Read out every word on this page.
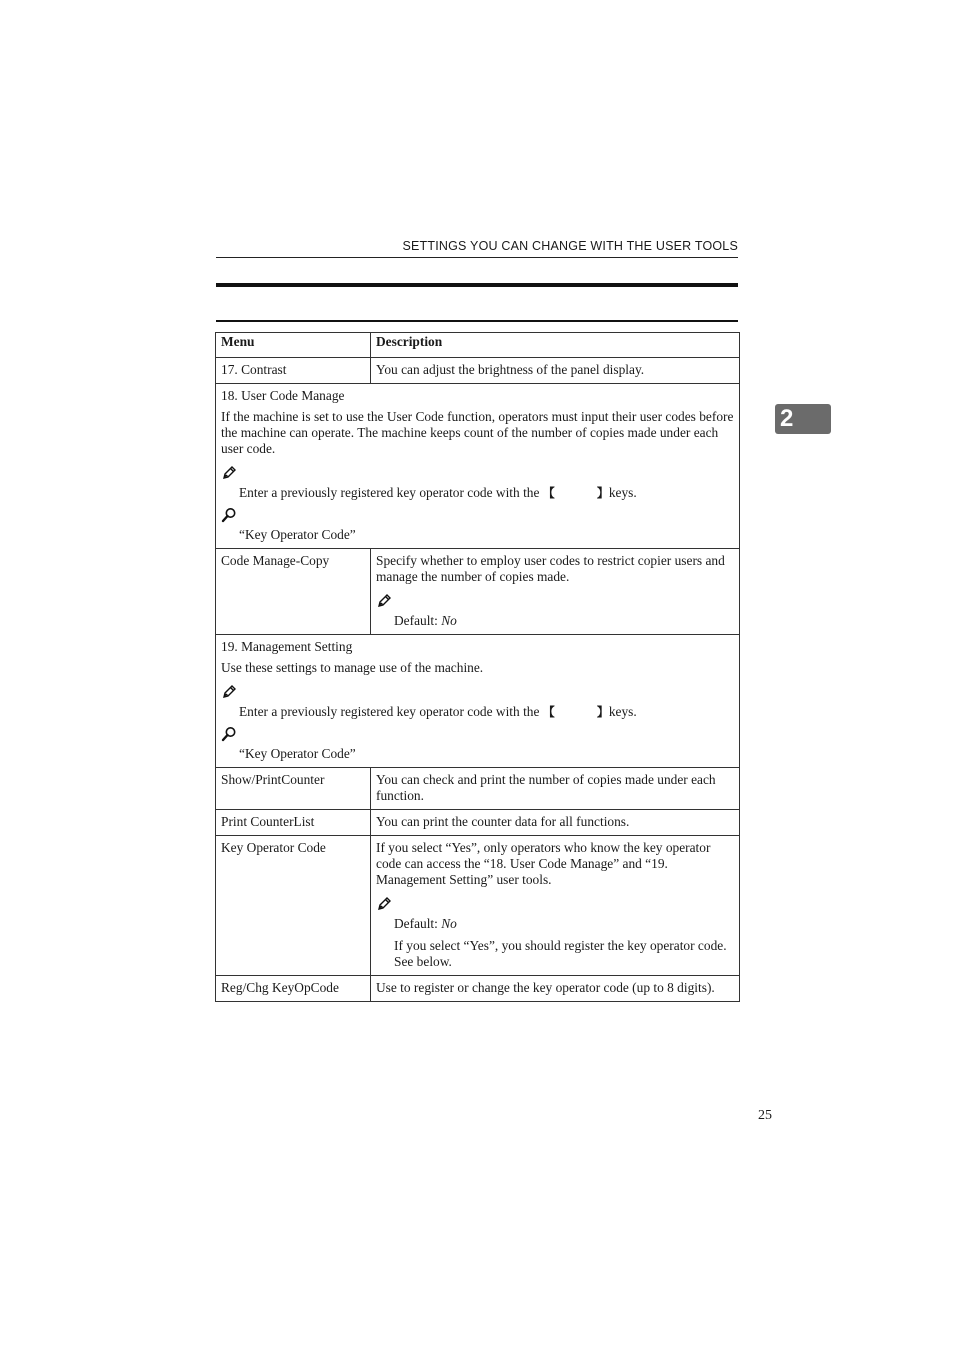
SETTINGS YOU CAN CHANGE WITH THE USER TOOLS
2
Menu	Description
17. Contrast	You can adjust the brightness of the panel display.

18. User Code Manage
If the machine is set to use the User Code function, operators must input their user codes before the machine can operate. The machine keeps count of the number of copies made under each user code.
Enter a previously registered key operator code with the 【 】keys.
“Key Operator Code”	

Code Manage-Copy	Specify whether to employ user codes to restrict copier users and manage the number of copies made.
Default: No

19. Management Setting
Use these settings to manage use of the machine.
Enter a previously registered key operator code with the 【 】keys.
“Key Operator Code”	

Show/PrintCounter	You can check and print the number of copies made under each function.
Print CounterList	You can print the counter data for all functions.
Key Operator Code	If you select “Yes”, only operators who know the key operator code can access the “18. User Code Manage” and “19. Management Setting” user tools.
Default: No
If you select “Yes”, you should register the key operator code. See below.

Reg/Chg KeyOpCode	Use to register or change the key operator code (up to 8 digits).
25
